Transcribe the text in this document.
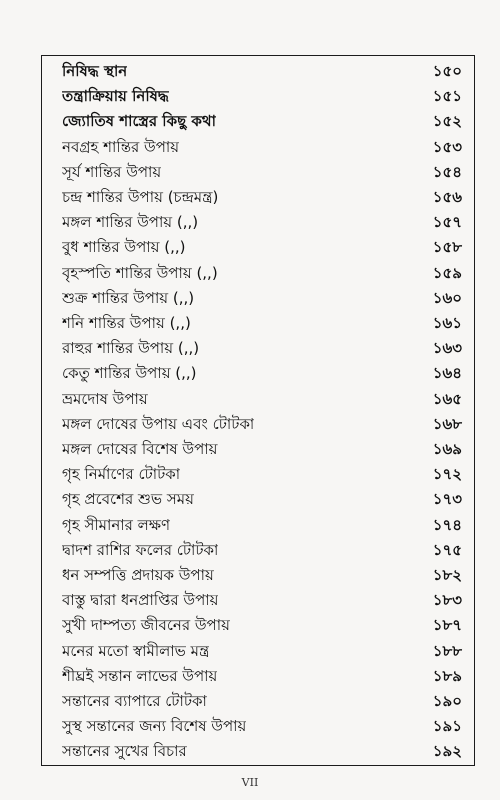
নিষিদ্ধ স্থান	১৫০
তন্ত্রাক্রিয়ায় নিষিদ্ধ	১৫১
জ্যোতিষ শাস্ত্রের কিছু কথা	১৫২
নবগ্রহ শান্তির উপায়	১৫৩
সূর্য শান্তির উপায়	১৫৪
চন্দ্র শান্তির উপায় (চন্দ্রমন্ত্র)	১৫৬
মঙ্গল শান্তির উপায় (,,)	১৫৭
বুধ শান্তির উপায় (,,)	১৫৮
বৃহস্পতি শান্তির উপায় (,,)	১৫৯
শুক্র শান্তির উপায় (,,)	১৬০
শনি শান্তির উপায় (,,)	১৬১
রাহুর শান্তির উপায় (,,)	১৬৩
কেতু শান্তির উপায় (,,)	১৬৪
ভ্রমদোষ উপায়	১৬৫
মঙ্গল দোষের উপায় এবং টোটকা	১৬৮
মঙ্গল দোষের বিশেষ উপায়	১৬৯
গৃহ নির্মাণের টোটকা	১৭২
গৃহ প্রবেশের শুভ সময়	১৭৩
গৃহ সীমানার লক্ষণ	১৭৪
দ্বাদশ রাশির ফলের টোটকা	১৭৫
ধন সম্পত্তি প্রদায়ক উপায়	১৮২
বাস্তু দ্বারা ধনপ্রাপ্তির উপায়	১৮৩
সুখী দাম্পত্য জীবনের উপায়	১৮৭
মনের মতো স্বামীলাভ মন্ত্র	১৮৮
শীঘ্রই সন্তান লাভের উপায়	১৮৯
সন্তানের ব্যাপারে টোটকা	১৯০
সুস্থ সন্তানের জন্য বিশেষ উপায়	১৯১
সন্তানের সুখের বিচার	১৯২
VII
